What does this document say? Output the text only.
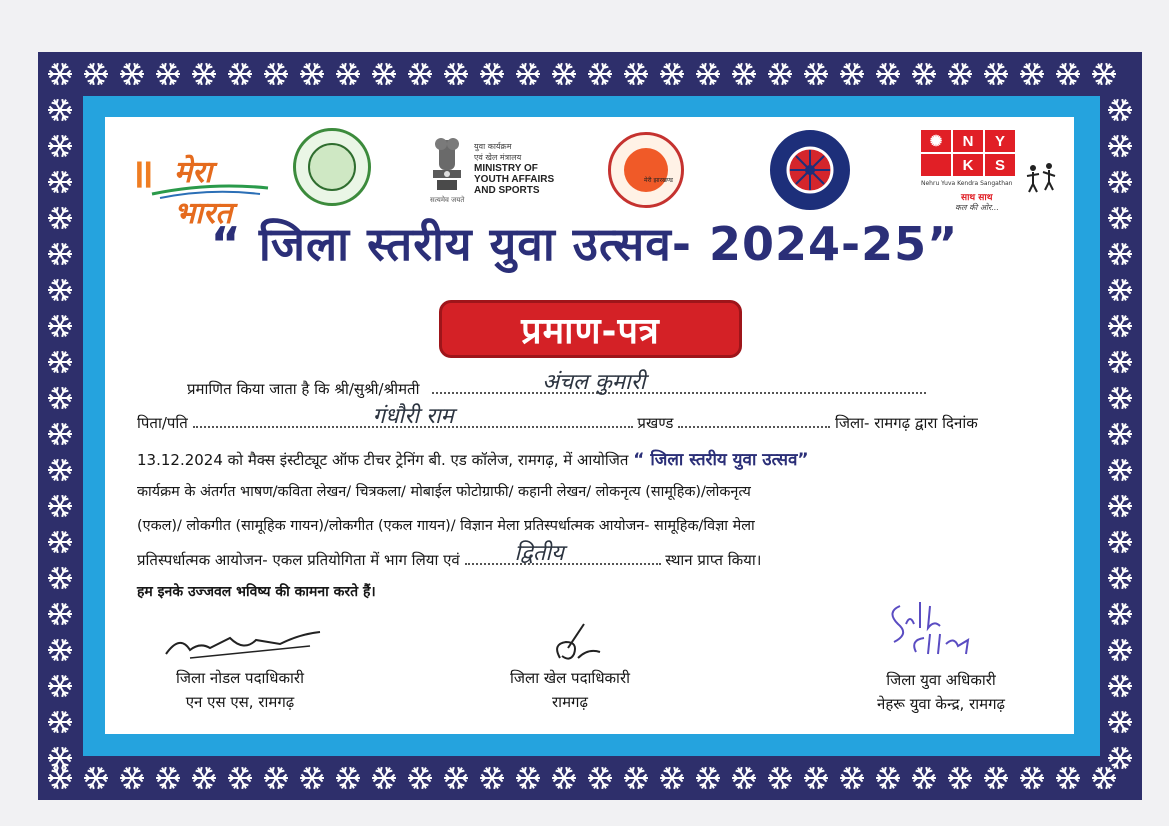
॥ मेरा भारत
युवा कार्यक्रम
एवं खेल मंत्रालय
MINISTRY OF
YOUTH AFFAIRS
AND SPORTS
सत्यमेव जयते
मेरी झारखण्ड
✺	N	Y
K	S
Nehru Yuva Kendra Sangathan
साथ साथ
कल की ओर...
“ जिला स्तरीय युवा उत्सव- 2024-25”
प्रमाण-पत्र
प्रमाणित किया जाता है कि श्री/सुश्री/श्रीमती	अंचल कुमारी
पिता/पति	गंधौरी राम	प्रखण्ड	जिला- रामगढ़ द्वारा दिनांक
13.12.2024 को मैक्स इंस्टीट्यूट ऑफ टीचर ट्रेनिंग बी. एड कॉलेज, रामगढ़, में आयोजित “ जिला स्तरीय युवा उत्सव”
कार्यक्रम के अंतर्गत भाषण/कविता लेखन/ चित्रकला/ मोबाईल फोटोग्राफी/ कहानी लेखन/ लोकनृत्य (सामूहिक)/लोकनृत्य
(एकल)/ लोकगीत (सामूहिक गायन)/लोकगीत (एकल गायन)/ विज्ञान मेला प्रतिस्पर्धात्मक आयोजन- सामूहिक/विज्ञा मेला
प्रतिस्पर्धात्मक आयोजन- एकल प्रतियोगिता में भाग लिया एवं द्वितीय	स्थान प्राप्त किया।
हम इनके उज्जवल भविष्य की कामना करते हैं।
जिला नोडल पदाधिकारी
एन एस एस, रामगढ़
जिला खेल पदाधिकारी
रामगढ़
जिला युवा अधिकारी
नेहरू युवा केन्द्र, रामगढ़
